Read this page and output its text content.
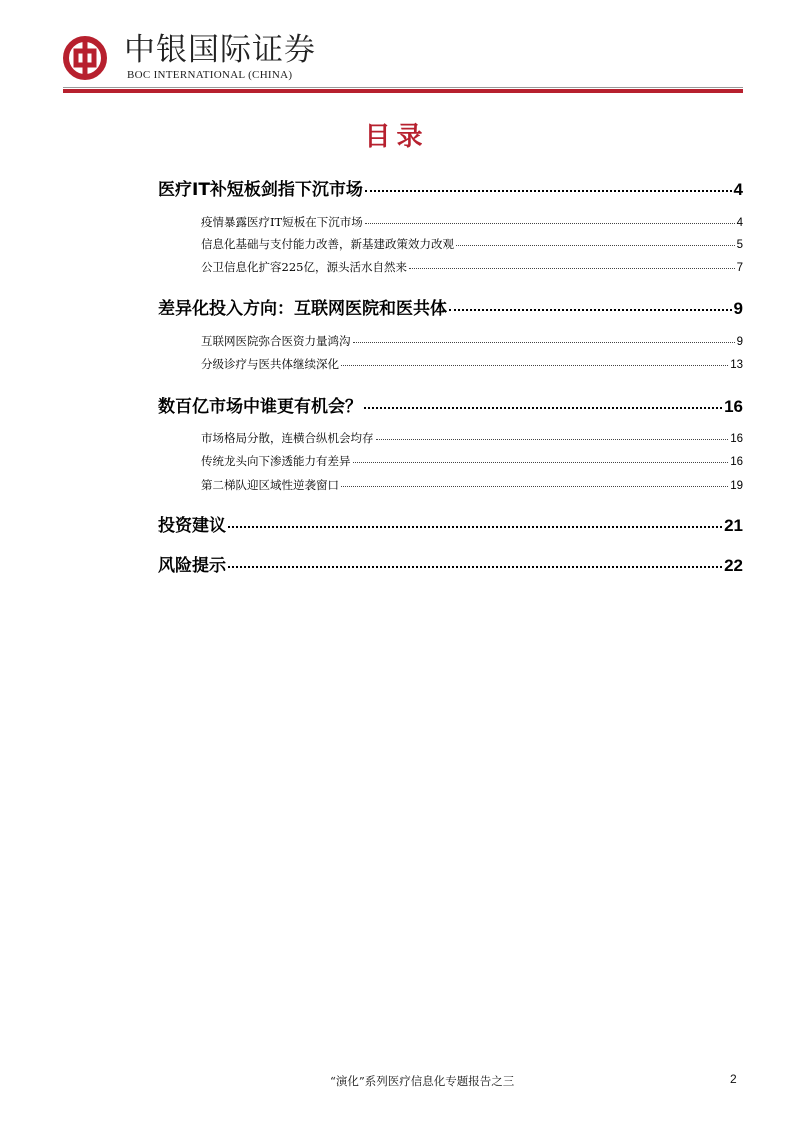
中银国际证券
BOC INTERNATIONAL (CHINA)
目录
医疗IT补短板剑指下沉市场	4
疫情暴露医疗IT短板在下沉市场	4
信息化基础与支付能力改善，新基建政策效力改观	5
公卫信息化扩容225亿，源头活水自然来	7
差异化投入方向：互联网医院和医共体	9
互联网医院弥合医资力量鸿沟	9
分级诊疗与医共体继续深化	13
数百亿市场中谁更有机会？	16
市场格局分散，连横合纵机会均存	16
传统龙头向下渗透能力有差异	16
第二梯队迎区域性逆袭窗口	19
投资建议	21
风险提示	22
“演化”系列医疗信息化专题报告之三	2
